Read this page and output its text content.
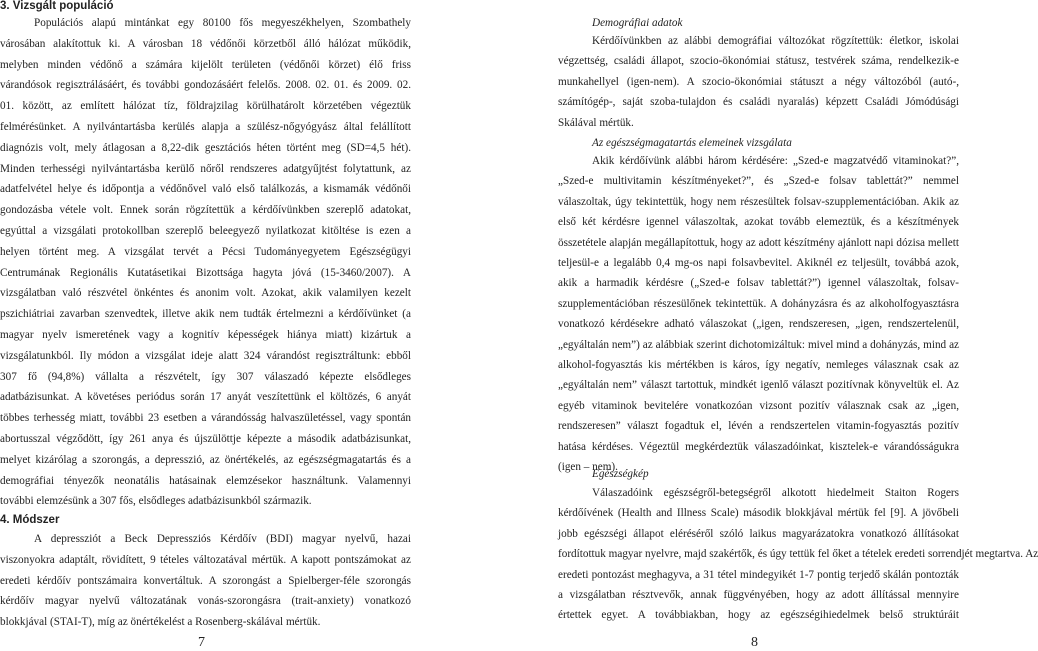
3. Vizsgált populáció
Populációs alapú mintánkat egy 80100 fős megyeszékhelyen, Szombathely
városában alakítottuk ki. A városban 18 védőnői körzetből álló hálózat működik,
melyben minden védőnő a számára kijelölt területen (védőnői körzet) élő friss
várandósok regisztrálásáért, és további gondozásáért felelős. 2008. 02. 01. és 2009. 02.
01. között, az említett hálózat tíz, földrajzilag körülhatárolt körzetében végeztük
felmérésünket. A nyilvántartásba kerülés alapja a szülész-nőgyógyász által felállított
diagnózis volt, mely átlagosan a 8,22-dik gesztációs héten történt meg (SD=4,5 hét).
Minden terhességi nyilvántartásba kerülő nőről rendszeres adatgyűjtést folytattunk, az
adatfelvétel helye és időpontja a védőnővel való első találkozás, a kismamák védőnői
gondozásba vétele volt. Ennek során rögzítettük a kérdőívünkben szereplő adatokat,
egyúttal a vizsgálati protokollban szereplő beleegyező nyilatkozat kitöltése is ezen a
helyen történt meg. A vizsgálat tervét a Pécsi Tudományegyetem Egészségügyi
Centrumának Regionális Kutatásetikai Bizottsága hagyta jóvá (15-3460/2007). A
vizsgálatban való részvétel önkéntes és anonim volt. Azokat, akik valamilyen kezelt
pszichiátriai zavarban szenvedtek, illetve akik nem tudták értelmezni a kérdőívünket (a
magyar nyelv ismeretének vagy a kognitív képességek hiánya miatt) kizártuk a
vizsgálatunkból. Ily módon a vizsgálat ideje alatt 324 várandóst regisztráltunk: ebből
307 fő (94,8%) vállalta a részvételt, így 307 válaszadó képezte elsődleges
adatbázisunkat. A követéses periódus során 17 anyát veszítettünk el költözés, 6 anyát
többes terhesség miatt, további 23 esetben a várandósság halvaszületéssel, vagy spontán
abortusszal végződött, így 261 anya és újszülöttje képezte a második adatbázisunkat,
melyet kizárólag a szorongás, a depresszió, az önértékelés, az egészségmagatartás és a
demográfiai tényezők neonatális hatásainak elemzésekor használtunk. Valamennyi
további elemzésünk a 307 fős, elsődleges adatbázisunkból származik.
4. Módszer
A depressziót a Beck Depressziós Kérdőív (BDI) magyar nyelvű, hazai
viszonyokra adaptált, rövidített, 9 tételes változatával mértük. A kapott pontszámokat az
eredeti kérdőív pontszámaira konvertáltuk. A szorongást a Spielberger-féle szorongás
kérdőív magyar nyelvű változatának vonás-szorongásra (trait-anxiety) vonatkozó
blokkjával (STAI-T), míg az önértékelést a Rosenberg-skálával mértük.
7
Demográfiai adatok
Kérdőívünkben az alábbi demográfiai változókat rögzítettük: életkor, iskolai
végzettség, családi állapot, szocio-ökonómiai státusz, testvérek száma, rendelkezik-e
munkahellyel (igen-nem). A szocio-ökonómiai státuszt a négy változóból (autó-,
számítógép-, saját szoba-tulajdon és családi nyaralás) képzett Családi Jómódúsági
Skálával mértük.
Az egészségmagatartás elemeinek vizsgálata
Akik kérdőívünk alábbi három kérdésére: „Szed-e magzatvédő vitaminokat?”,
„Szed-e multivitamin készítményeket?”, és „Szed-e folsav tablettát?” nemmel
válaszoltak, úgy tekintettük, hogy nem részesültek folsav-szupplementációban. Akik az
első két kérdésre igennel válaszoltak, azokat tovább elemeztük, és a készítmények
összetétele alapján megállapítottuk, hogy az adott készítmény ajánlott napi dózisa mellett
teljesül-e a legalább 0,4 mg-os napi folsavbevitel. Akiknél ez teljesült, továbbá azok,
akik a harmadik kérdésre („Szed-e folsav tablettát?”) igennel válaszoltak, folsav-
szupplementációban részesülőnek tekintettük. A dohányzásra és az alkoholfogyasztásra
vonatkozó kérdésekre adható válaszokat („igen, rendszeresen, „igen, rendszertelenül,
„egyáltalán nem”) az alábbiak szerint dichotomizáltuk: mivel mind a dohányzás, mind az
alkohol-fogyasztás kis mértékben is káros, így negatív, nemleges válasznak csak az
„egyáltalán nem” választ tartottuk, mindkét igenlő választ pozitívnak könyveltük el. Az
egyéb vitaminok bevitelére vonatkozóan vizsont pozitív válasznak csak az „igen,
rendszeresen” választ fogadtuk el, lévén a rendszertelen vitamin-fogyasztás pozitív
hatása kérdéses. Végeztül megkérdeztük válaszadóinkat, kisztelek-e várandósságukra
(igen – nem).
Egészségkép
Válaszadóink egészségről-betegségről alkotott hiedelmeit Staiton Rogers
kérdőívének (Health and Illness Scale) második blokkjával mértük fel [9]. A jövőbeli
jobb egészségi állapot eléréséről szóló laikus magyarázatokra vonatkozó állításokat
fordítottuk magyar nyelvre, majd szakértők, és úgy tettük fel őket a tételek eredeti sorrendjét megtartva. Az
eredeti pontozást meghagyva, a 31 tétel mindegyikét 1-7 pontig terjedő skálán pontozták
a vizsgálatban résztvevők, annak függvényében, hogy az adott állítással mennyire
értettek egyet. A továbbiakban, hogy az egészségihiedelmek belső struktúráit
8
